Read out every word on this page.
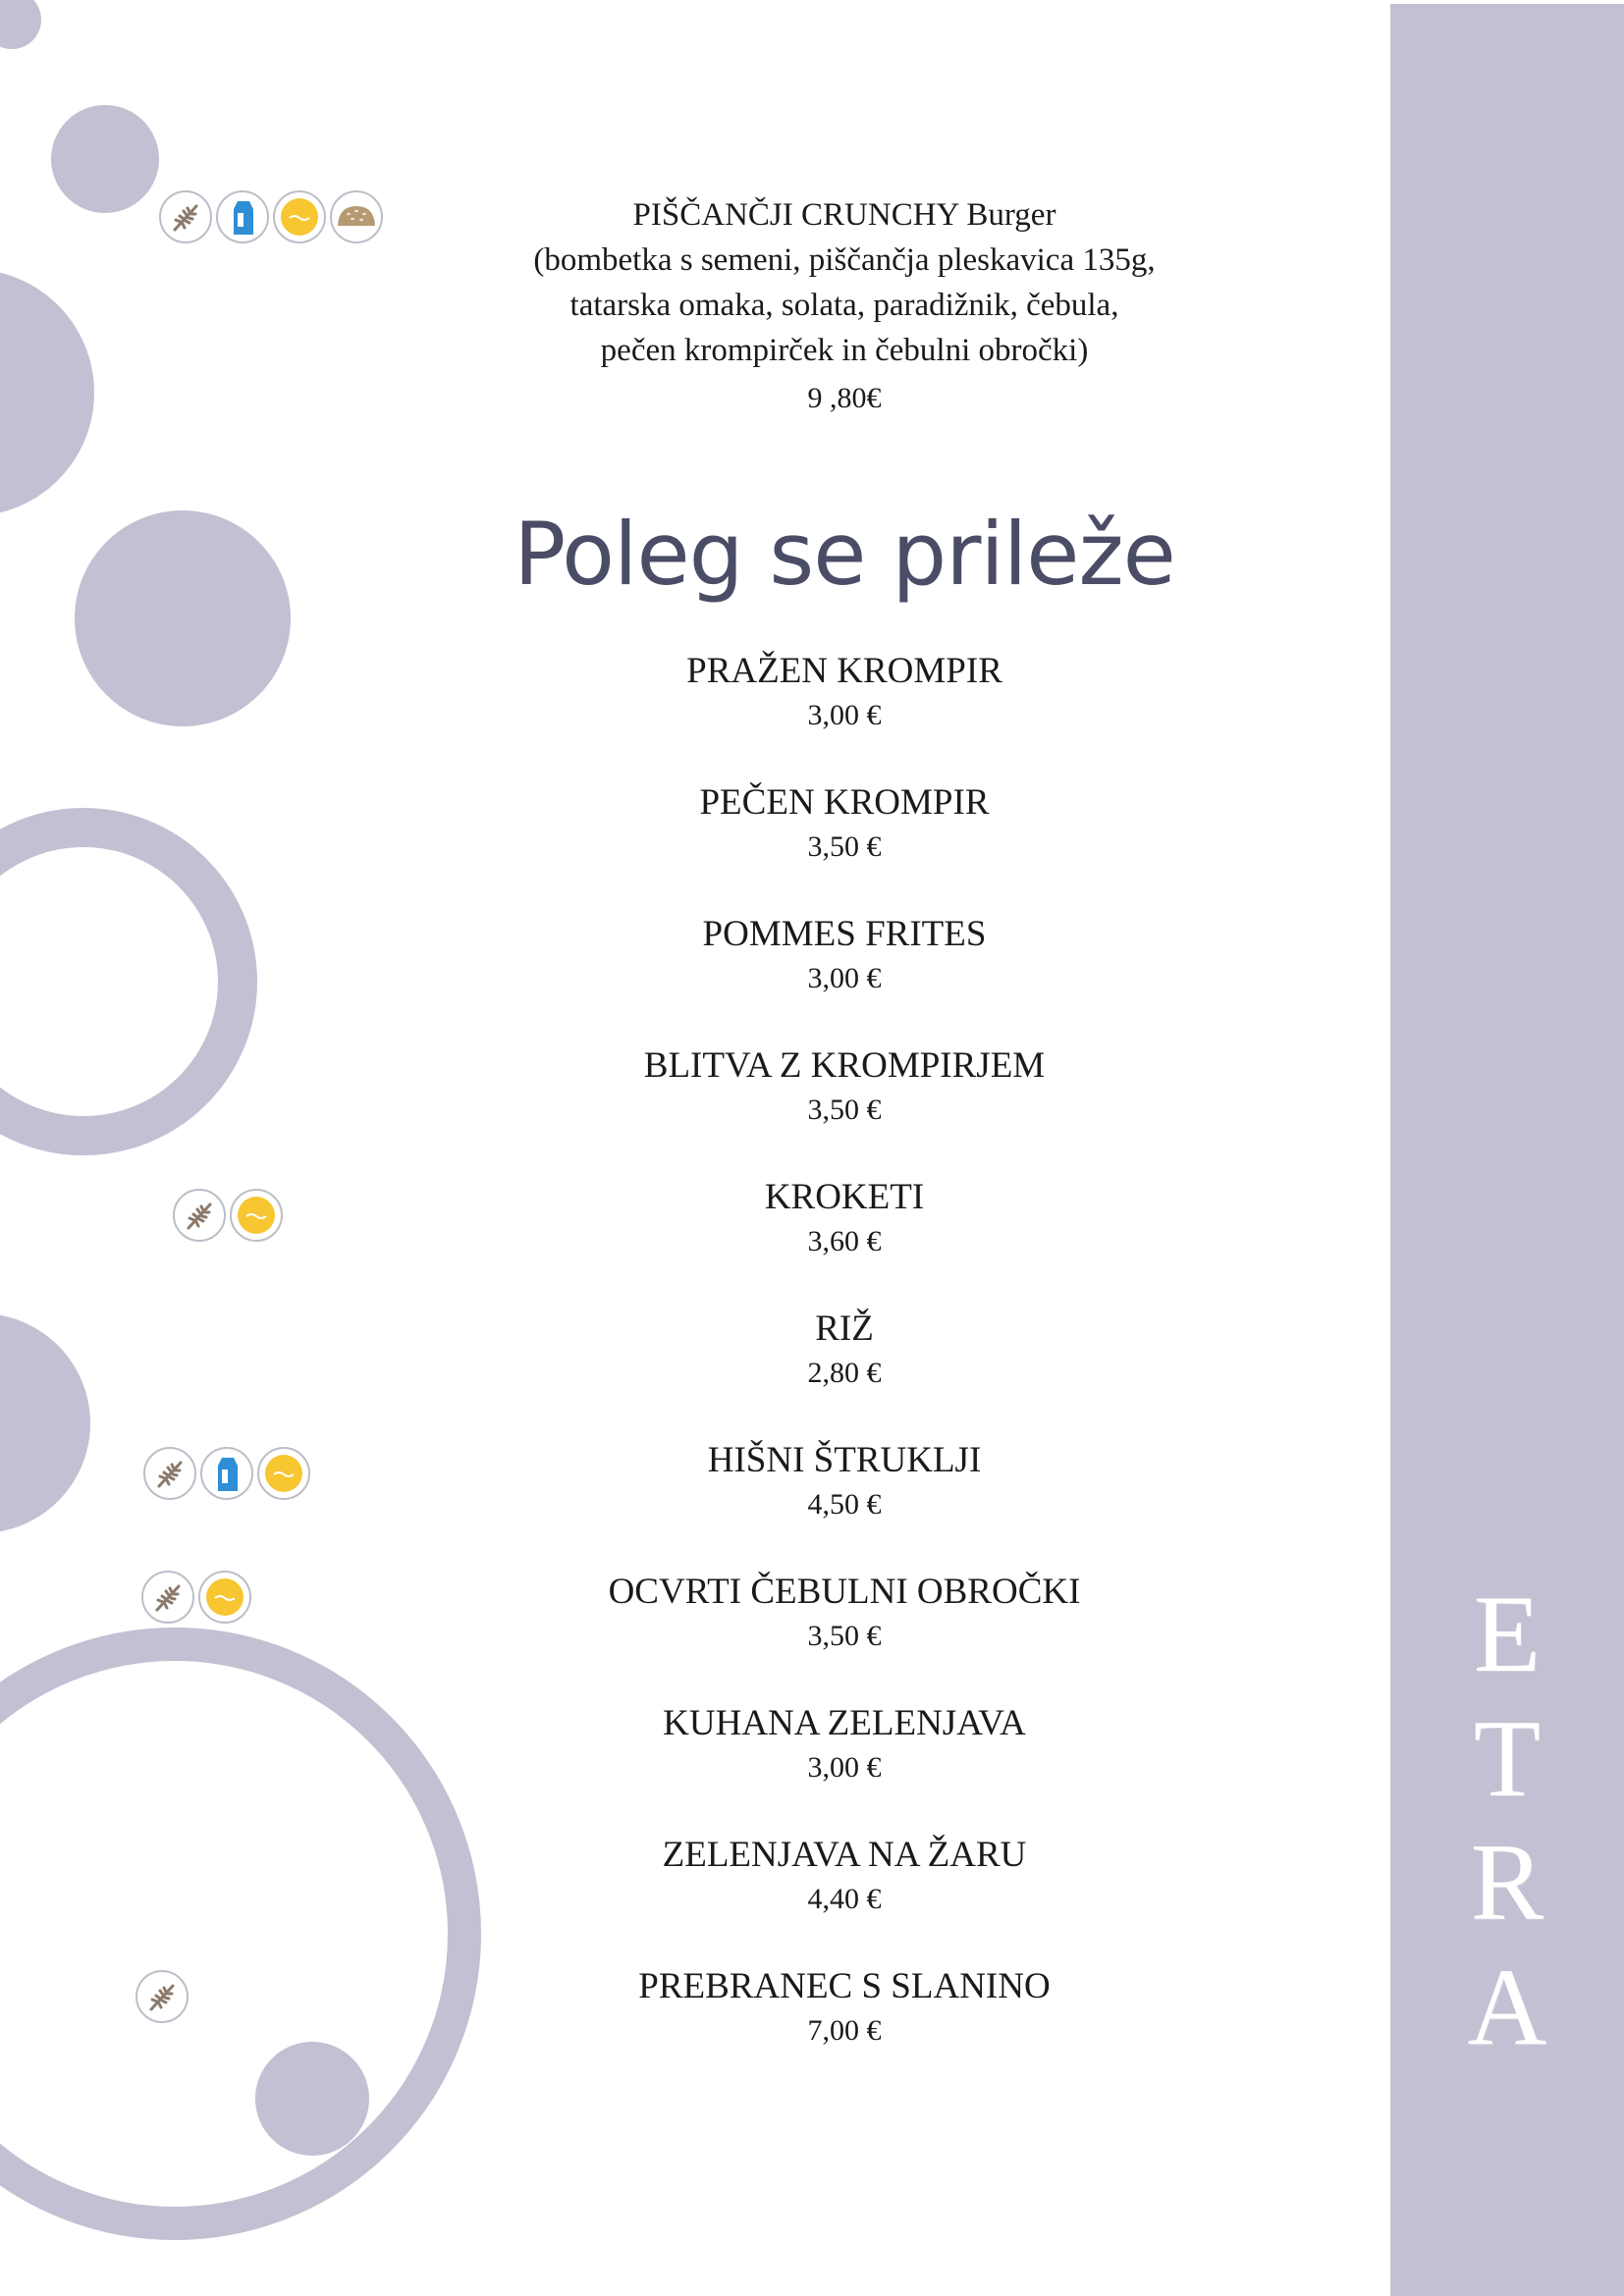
E
T
R
A
PIŠČANČJI CRUNCHY Burger
(bombetka s semeni, piščančja pleskavica 135g,
tatarska omaka, solata, paradižnik, čebula,
pečen krompirček in čebulni obročki)
9 ,80€
Poleg se prileže
PRAŽEN KROMPIR
3,00 €
PEČEN KROMPIR
3,50 €
POMMES FRITES
3,00 €
BLITVA Z KROMPIRJEM
3,50 €
KROKETI
3,60 €
RIŽ
2,80 €
HIŠNI ŠTRUKLJI
4,50 €
OCVRTI ČEBULNI OBROČKI
3,50 €
KUHANA ZELENJAVA
3,00 €
ZELENJAVA NA ŽARU
4,40 €
PREBRANEC S SLANINO
7,00 €
